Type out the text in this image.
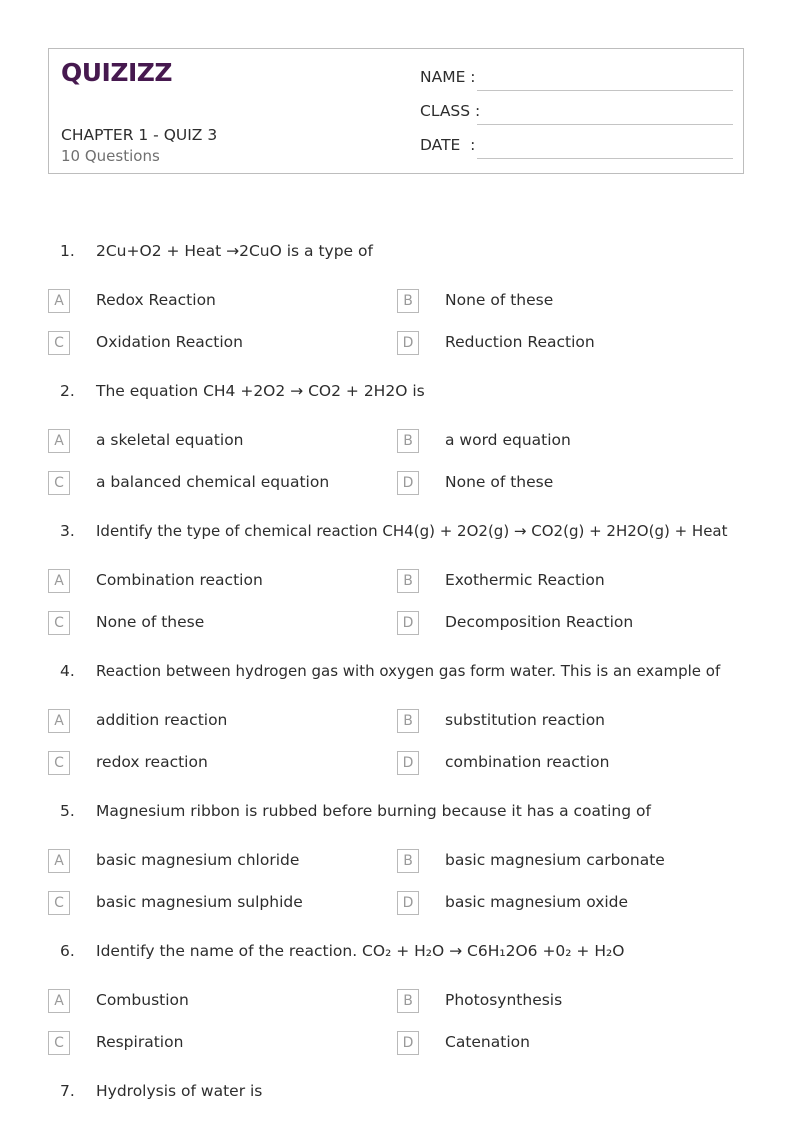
QUIZIZZ
CHAPTER 1 - QUIZ 3
10 Questions
NAME :
CLASS :
DATE  :
1. 2Cu+O2 + Heat →2CuO is a type of
A	Redox Reaction	B	None of these
C	Oxidation Reaction	D	Reduction Reaction
2. The equation CH4 +2O2 → CO2 + 2H2O is
A	a skeletal equation	B	a word equation
C	a balanced chemical equation	D	None of these
3. Identify the type of chemical reaction CH4(g) + 2O2(g) → CO2(g) + 2H2O(g) + Heat
A	Combination reaction	B	Exothermic Reaction
C	None of these	D	Decomposition Reaction
4. Reaction between hydrogen gas with oxygen gas form water. This is an example of
A	addition reaction	B	substitution reaction
C	redox reaction	D	combination reaction
5. Magnesium ribbon is rubbed before burning because it has a coating of
A	basic magnesium chloride	B	basic magnesium carbonate
C	basic magnesium sulphide	D	basic magnesium oxide
6. Identify the name of the reaction. CO₂ + H₂O → C6H₁2O6 +0₂ + H₂O
A	Combustion	B	Photosynthesis
C	Respiration	D	Catenation
7. Hydrolysis of water is
